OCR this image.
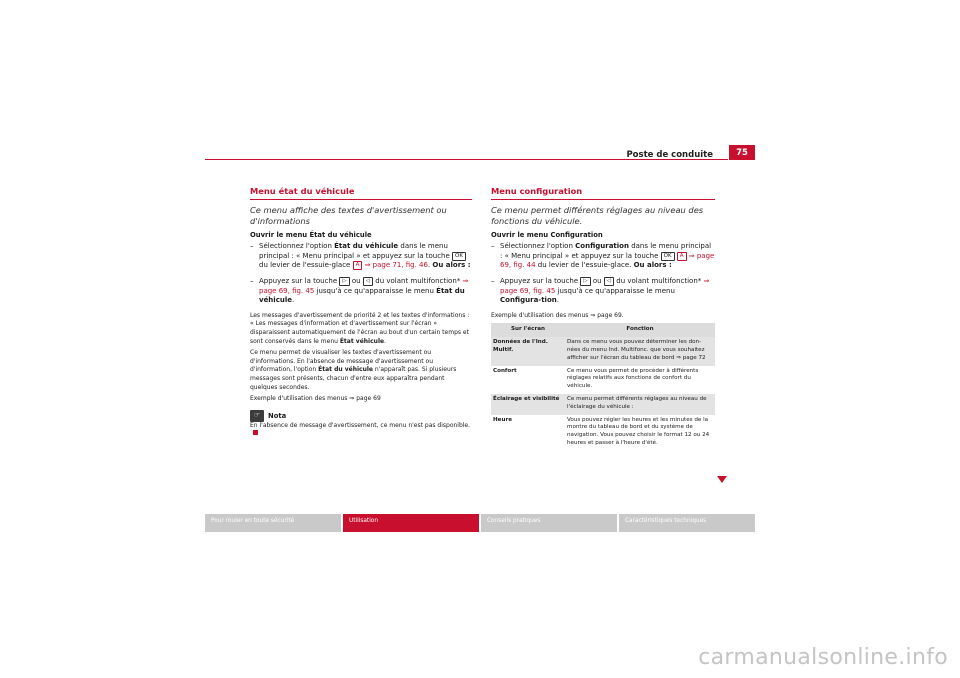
Poste de conduite	75
Menu état du véhicule
Ce menu affiche des textes d'avertissement ou d'informations
Ouvrir le menu État du véhicule
– Sélectionnez l'option État du véhicule dans le menu principal : « Menu principal » et appuyez sur la touche OK du levier de l'essuie-glace A ⇒ page 71, fig. 46. Ou alors :
– Appuyez sur la touche ▷ ou ◁ du volant multifonction* ⇒ page 69, fig. 45 jusqu'à ce qu'apparaisse le menu État du véhicule.
Les messages d'avertissement de priorité 2 et les textes d'informations : « Les messages d'information et d'avertissement sur l'écran » disparaissent automatiquement de l'écran au bout d'un certain temps et sont conservés dans le menu État véhicule.
Ce menu permet de visualiser les textes d'avertissement ou d'informations. En l'absence de message d'avertissement ou d'information, l'option État du véhicule n'apparaît pas. Si plusieurs messages sont présents, chacun d'entre eux apparaîtra pendant quelques secondes.
Exemple d'utilisation des menus ⇒ page 69
☞	Nota
En l'absence de message d'avertissement, ce menu n'est pas disponible.
Menu configuration
Ce menu permet différents réglages au niveau des fonctions du véhicule.
Ouvrir le menu Configuration
– Sélectionnez l'option Configuration dans le menu principal : « Menu principal » et appuyez sur la touche OK A ⇒ page 69, fig. 44 du levier de l'essuie-glace. Ou alors :
– Appuyez sur la touche ▷ ou ◁ du volant multifonction* ⇒ page 69, fig. 45 jusqu'à ce qu'apparaisse le menu Configura-tion.
Exemple d'utilisation des menus ⇒ page 69.
Sur l'écran	Fonction
Données de l'Ind. Multif.	Dans ce menu vous pouvez déterminer les don-nées du menu Ind. Multifonc. que vous souhaitez afficher sur l'écran du tableau de bord ⇒ page 72
Confort	Ce menu vous permet de procéder à différents réglages relatifs aux fonctions de confort du véhicule.
Éclairage et visibilité	Ce menu permet différents réglages au niveau de l'éclairage du véhicule :
Heure	Vous pouvez régler les heures et les minutes de la montre du tableau de bord et du système de navigation. Vous pouvez choisir le format 12 ou 24 heures et passer à l'heure d'été.
Pour rouler en toute sécurité	Utilisation	Conseils pratiques	Caractéristiques techniques
carmanualsonline.info
